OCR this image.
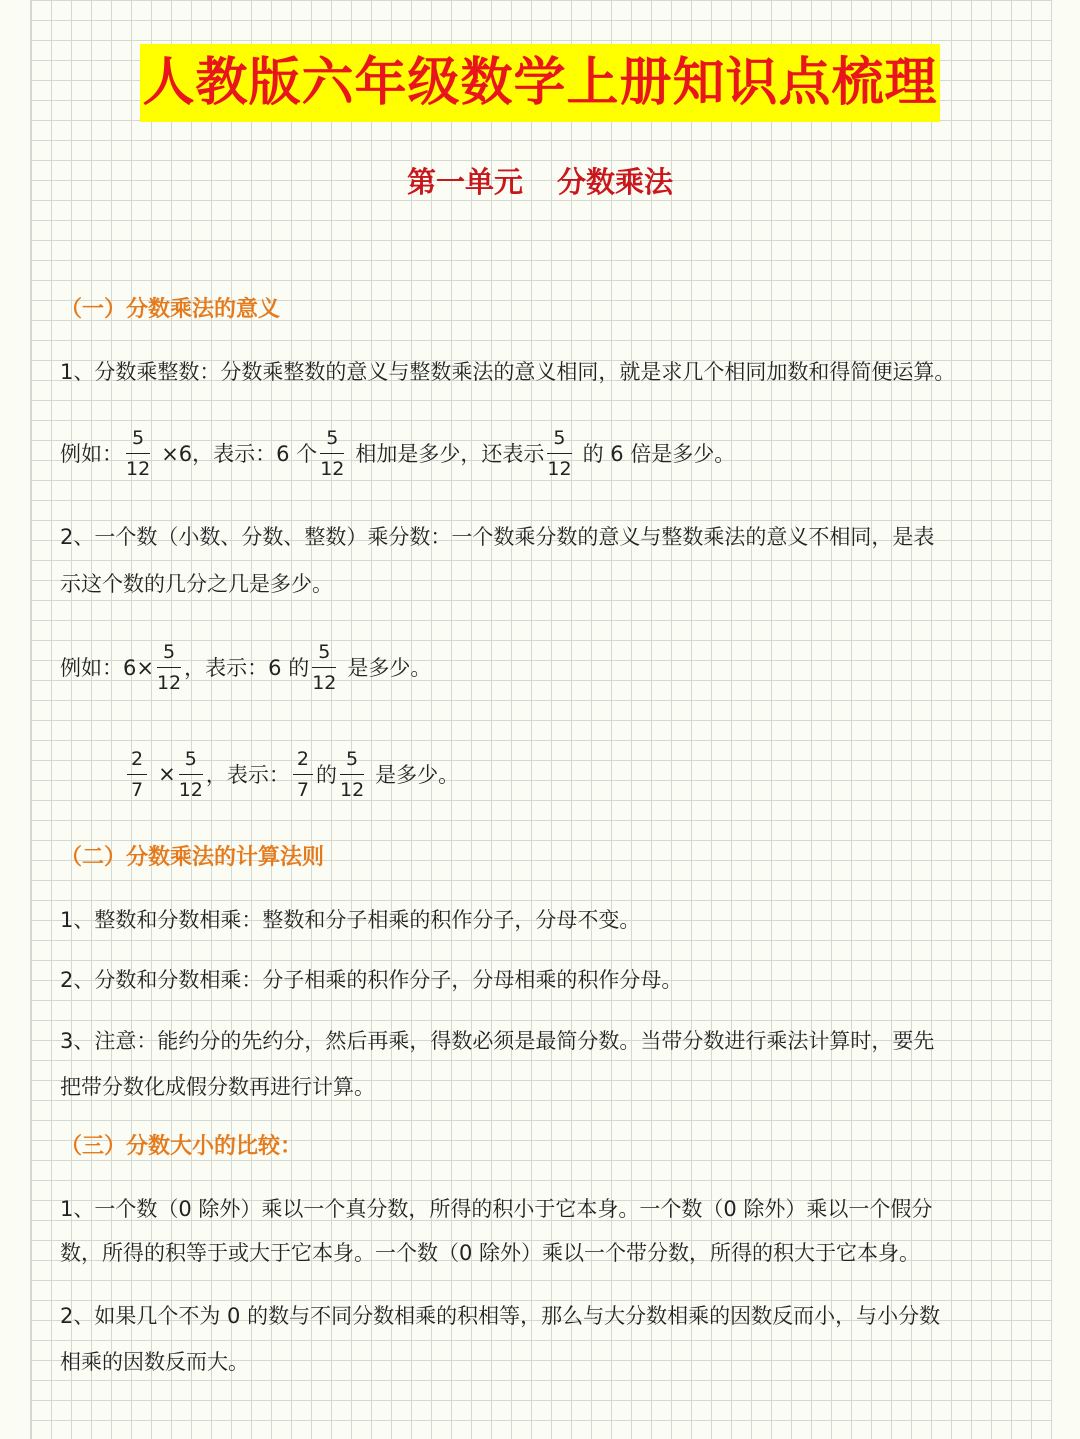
人教版六年级数学上册知识点梳理
第一单元 分数乘法
（一）分数乘法的意义
1、分数乘整数：分数乘整数的意义与整数乘法的意义相同，就是求几个相同加数和得简便运算。
例如： $\frac{5}{12} \times 6$，表示：6 个 $\frac{5}{12}$ 相加是多少，还表示 $\frac{5}{12}$ 的 6 倍是多少。
2、一个数（小数、分数、整数）乘分数：一个数乘分数的意义与整数乘法的意义不相同，是表
示这个数的几分之几是多少。
例如：$6\times \frac{5}{12}$ ，表示：6 的 $\frac{5}{12}$ 是多少。
$\frac{2}{7} \times \frac{5}{12}$ ，表示： $\frac{2}{7}$ 的 $\frac{5}{12}$ 是多少。
（二）分数乘法的计算法则
1、整数和分数相乘：整数和分子相乘的积作分子，分母不变。
2、分数和分数相乘：分子相乘的积作分子，分母相乘的积作分母。
3、注意：能约分的先约分，然后再乘，得数必须是最简分数。当带分数进行乘法计算时，要先
把带分数化成假分数再进行计算。
（三）分数大小的比较：
1、一个数（0 除外）乘以一个真分数，所得的积小于它本身。一个数（0 除外）乘以一个假分
数，所得的积等于或大于它本身。一个数（0 除外）乘以一个带分数，所得的积大于它本身。
2、如果几个不为 0 的数与不同分数相乘的积相等，那么与大分数相乘的因数反而小，与小分数
相乘的因数反而大。
